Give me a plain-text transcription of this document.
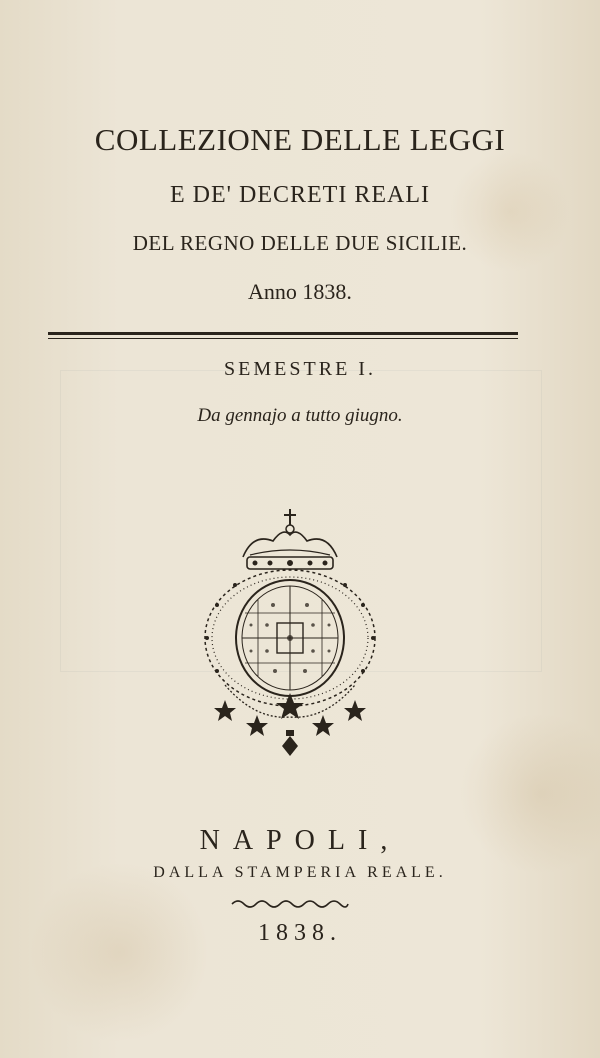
COLLEZIONE DELLE LEGGI
E DE' DECRETI REALI
DEL REGNO DELLE DUE SICILIE.
Anno 1838.
SEMESTRE I.
Da gennajo a tutto giugno.
NAPOLI,
DALLA STAMPERIA REALE.
1838.
